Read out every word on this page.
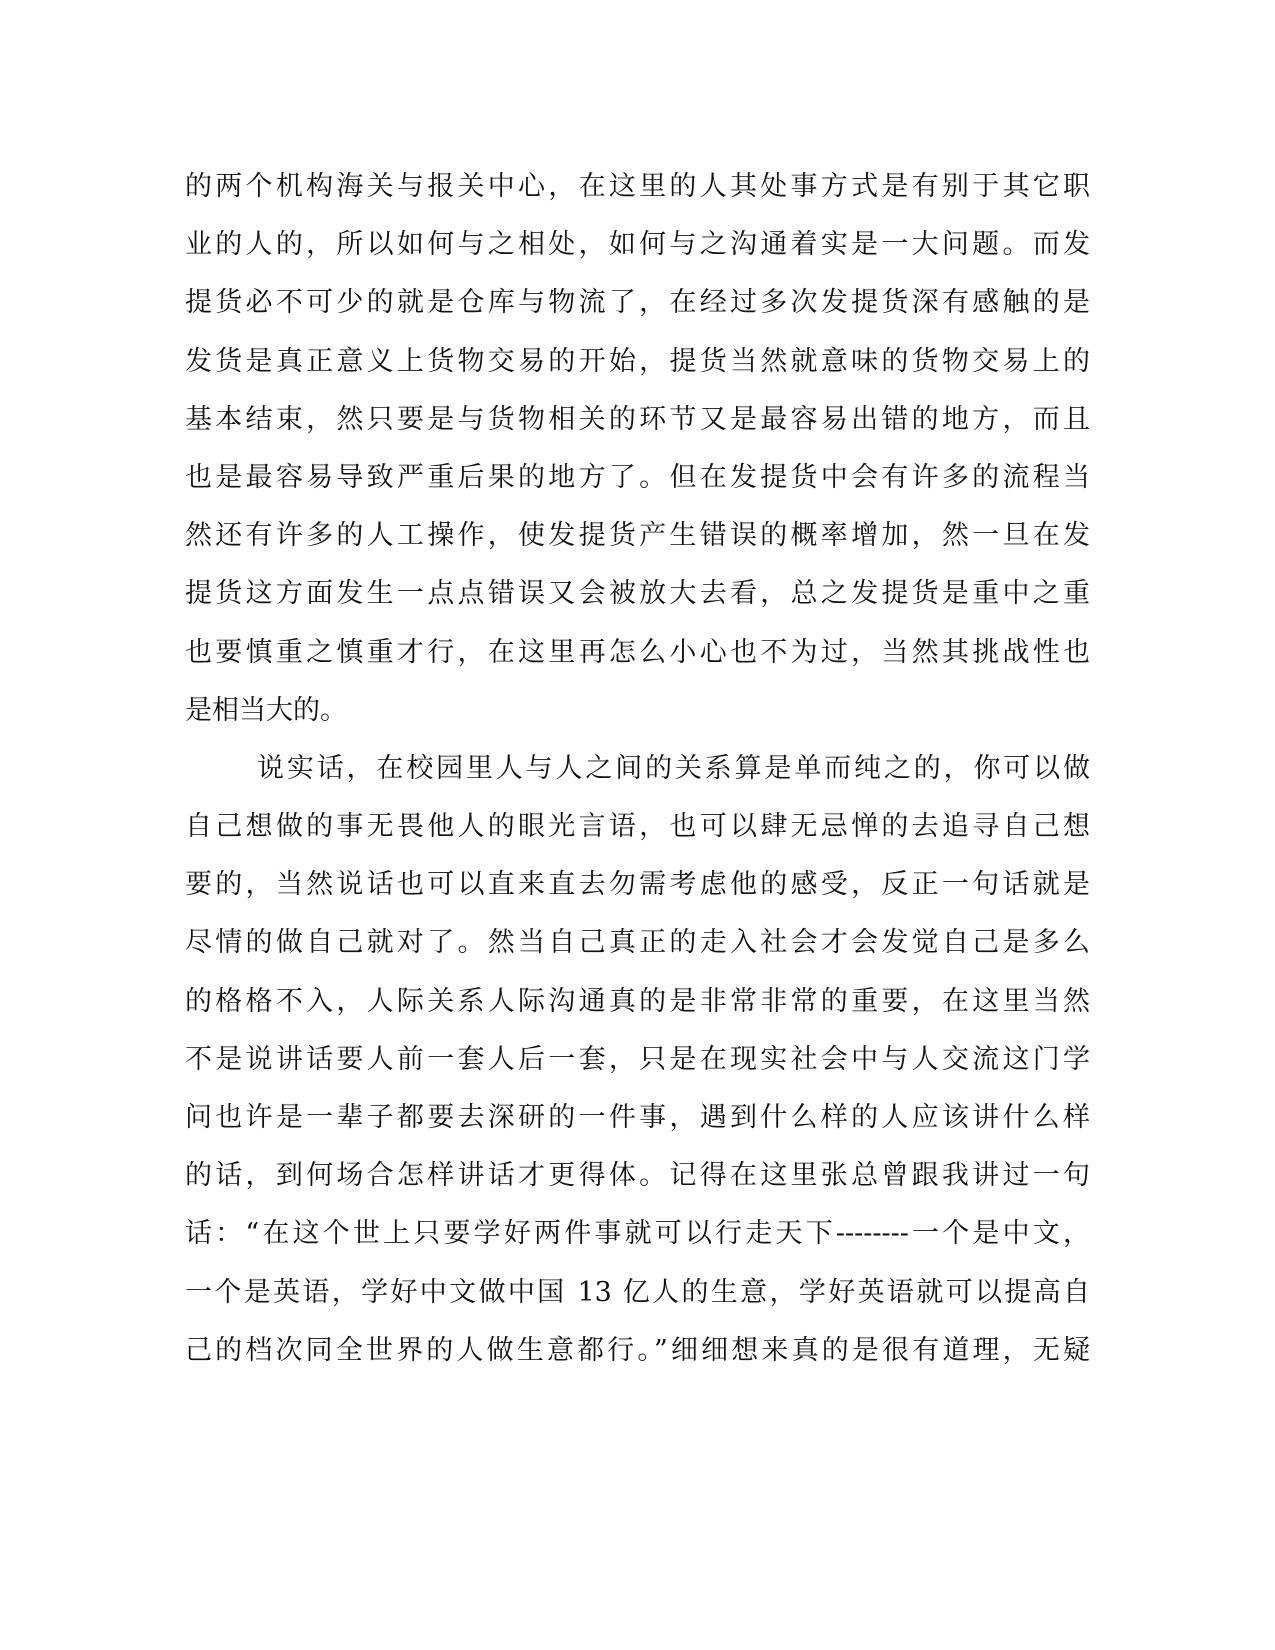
的两个机构海关与报关中心，在这里的人其处事方式是有别于其它职
业的人的，所以如何与之相处，如何与之沟通着实是一大问题。而发
提货必不可少的就是仓库与物流了，在经过多次发提货深有感触的是
发货是真正意义上货物交易的开始，提货当然就意味的货物交易上的
基本结束，然只要是与货物相关的环节又是最容易出错的地方，而且
也是最容易导致严重后果的地方了。但在发提货中会有许多的流程当
然还有许多的人工操作，使发提货产生错误的概率增加，然一旦在发
提货这方面发生一点点错误又会被放大去看，总之发提货是重中之重
也要慎重之慎重才行，在这里再怎么小心也不为过，当然其挑战性也
是相当大的。
说实话，在校园里人与人之间的关系算是单而纯之的，你可以做
自己想做的事无畏他人的眼光言语，也可以肆无忌惮的去追寻自己想
要的，当然说话也可以直来直去勿需考虑他的感受，反正一句话就是
尽情的做自己就对了。然当自己真正的走入社会才会发觉自己是多么
的格格不入，人际关系人际沟通真的是非常非常的重要，在这里当然
不是说讲话要人前一套人后一套，只是在现实社会中与人交流这门学
问也许是一辈子都要去深研的一件事，遇到什么样的人应该讲什么样
的话，到何场合怎样讲话才更得体。记得在这里张总曾跟我讲过一句
话：“在这个世上只要学好两件事就可以行走天下--------一个是中文，
一个是英语，学好中文做中国 13 亿人的生意，学好英语就可以提高自
己的档次同全世界的人做生意都行。”细细想来真的是很有道理，无疑
